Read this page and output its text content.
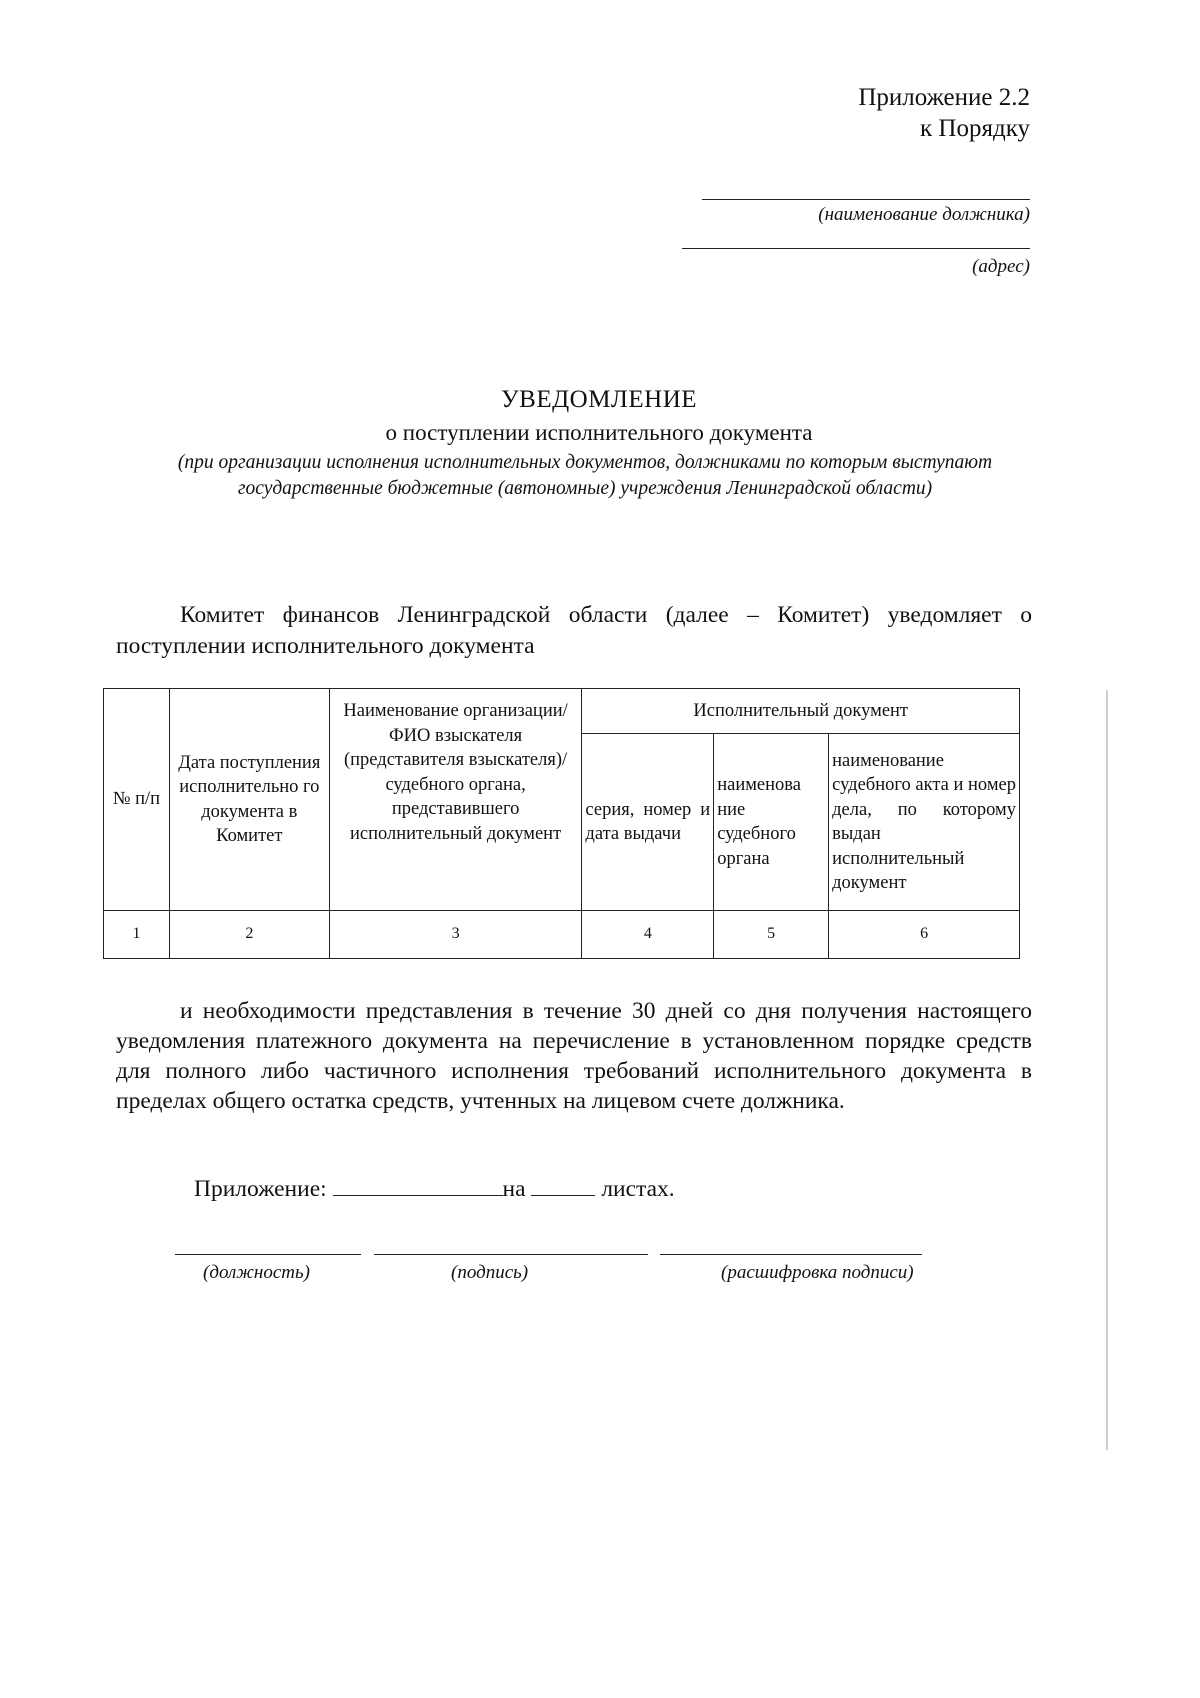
Приложение 2.2
к Порядку
(наименование должника)
(адрес)
УВЕДОМЛЕНИЕ
о поступлении исполнительного документа
(при организации исполнения исполнительных документов, должниками по которым выступают государственные бюджетные (автономные) учреждения Ленинградской области)
Комитет финансов Ленинградской области (далее – Комитет) уведомляет о поступлении исполнительного документа
№ п/п	Дата поступления исполнительно го документа в Комитет	Наименование организации/ФИО взыскателя (представителя взыскателя)/судебного органа, представившего исполнительный документ	Исполнительный документ		
			серия, номер и дата выдачи	наименова ние судебного органа	наименование судебного акта и номер дела, по которому выдан исполнительный документ
1	2	3	4	5	6
и необходимости представления в течение 30 дней со дня получения настоящего уведомления платежного документа на перечисление в установленном порядке средств для полного либо частичного исполнения требований исполнительного документа в пределах общего остатка средств, учтенных на лицевом счете должника.
Приложение:	на	листах.
(должность)	(подпись)	(расшифровка подписи)
